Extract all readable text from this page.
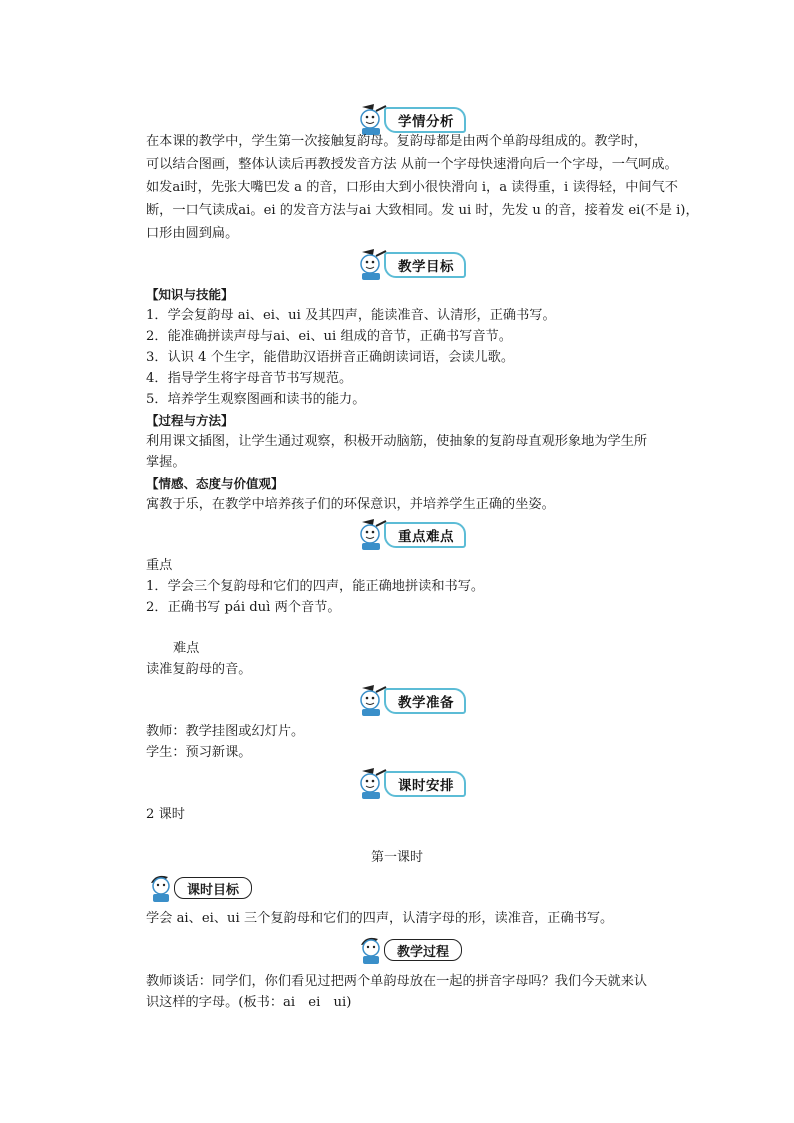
学情分析
在本课的教学中，学生第一次接触复韵母。复韵母都是由两个单韵母组成的。教学时，
可以结合图画，整体认读后再教授发音方法 从前一个字母快速滑向后一个字母，一气呵成。
如发ai时，先张大嘴巴发 a 的音，口形由大到小很快滑向 i，a 读得重，i 读得轻，中间气不
断，一口气读成ai。ei 的发音方法与ai 大致相同。发 ui 时，先发 u 的音，接着发 ei(不是 i)，
口形由圆到扁。
教学目标
【知识与技能】
1．学会复韵母 ai、ei、ui 及其四声，能读准音、认清形，正确书写。
2．能准确拼读声母与ai、ei、ui 组成的音节，正确书写音节。
3．认识 4 个生字，能借助汉语拼音正确朗读词语，会读儿歌。
4．指导学生将字母音节书写规范。
5．培养学生观察图画和读书的能力。
【过程与方法】
利用课文插图，让学生通过观察，积极开动脑筋，使抽象的复韵母直观形象地为学生所
掌握。
【情感、态度与价值观】
寓教于乐，在教学中培养孩子们的环保意识，并培养学生正确的坐姿。
重点难点
重点
1．学会三个复韵母和它们的四声，能正确地拼读和书写。
2．正确书写 pái duì 两个音节。
难点
读准复韵母的音。
教学准备
教师：教学挂图或幻灯片。
学生：预习新课。
课时安排
2 课时
第一课时
课时目标
学会 ai、ei、ui 三个复韵母和它们的四声，认清字母的形，读准音，正确书写。
教学过程
教师谈话：同学们，你们看见过把两个单韵母放在一起的拼音字母吗？我们今天就来认
识这样的字母。(板书：ai　ei　ui)
